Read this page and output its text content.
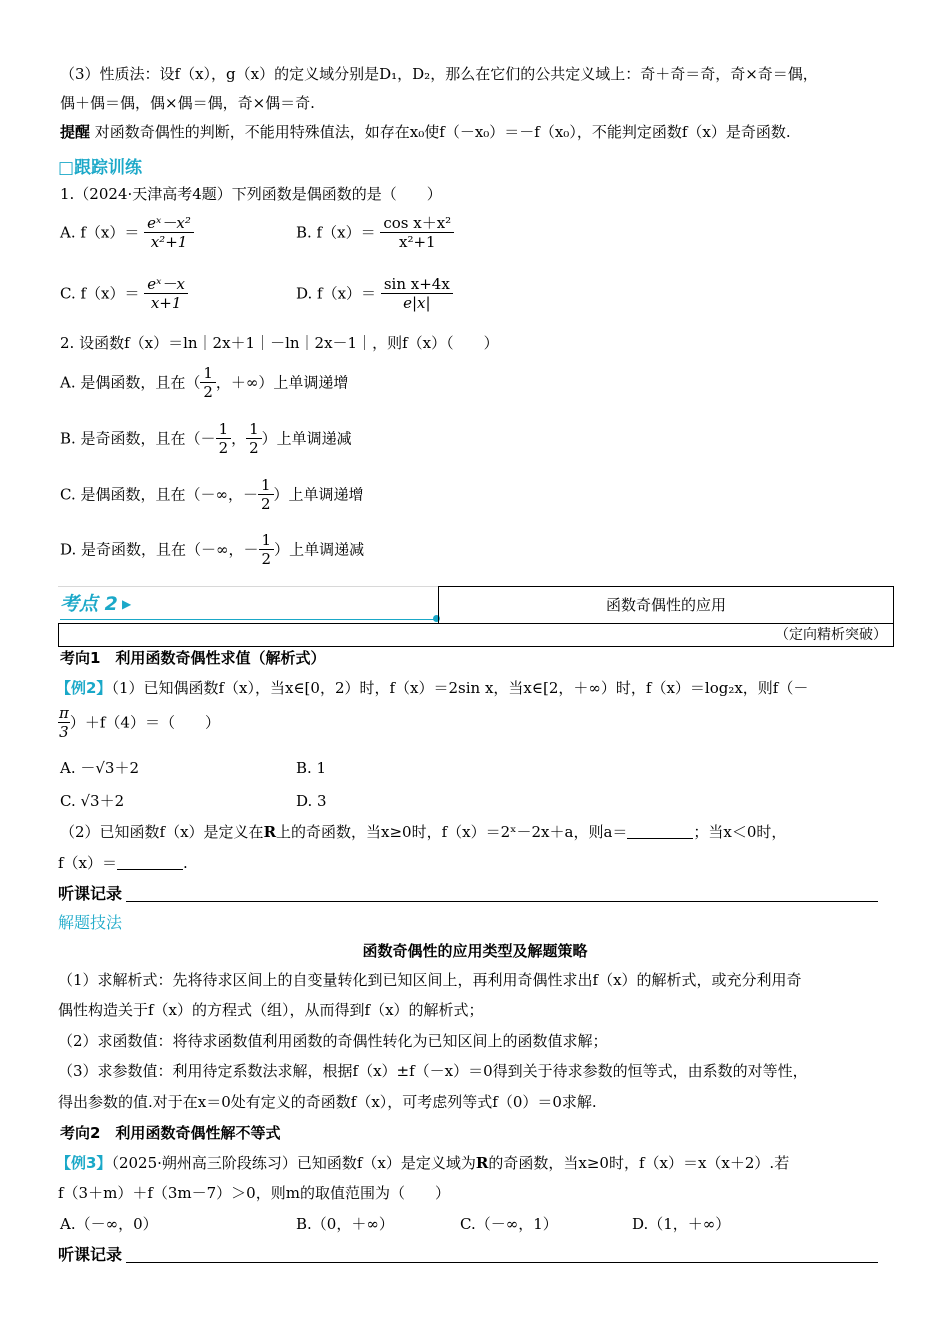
（3）性质法：设f（x），g（x）的定义域分别是D₁，D₂，那么在它们的公共定义域上：奇＋奇＝奇，奇×奇＝偶，
偶＋偶＝偶，偶×偶＝偶，奇×偶＝奇.
提醒 对函数奇偶性的判断，不能用特殊值法，如存在x₀使f（－x₀）＝－f（x₀），不能判定函数f（x）是奇函数.
□跟踪训练
1.（2024·天津高考4题）下列函数是偶函数的是（　　）
A. $f(x)= \frac{\text{eˣ－x²}}{\text{x²+1}}$	B. $f(x)= \frac{\text{cos x＋x²}}{\text{x²+1}}$
C. $f(x)= \frac{\text{eˣ－x}}{x+1}$	D. $f(x)= \frac{\text{sin x+4x}}{e|x|}$
2. 设函数f（x）＝ln｜2x＋1｜－ln｜2x－1｜，则f（x）（　　）
A. 是偶函数，且在（ $\frac{1}{2}$ ，＋∞）上单调递增
B. 是奇函数，且在（－ $\frac{1}{2}$ ， $\frac{1}{2}$ ）上单调递减
C. 是偶函数，且在（－∞，－ $\frac{1}{2}$ ）上单调递增
D. 是奇函数，且在（－∞，－ $\frac{1}{2}$ ）上单调递减
考点 2 ▶	函数奇偶性的应用
（定向精析突破）
考向1　利用函数奇偶性求值（解析式）
【例2】（1）已知偶函数f（x），当x∈[0，2）时，f（x）＝2sin x，当x∈[2，＋∞）时，f（x）＝log₂x，则f（－
$\frac{\pi}{3} )+f(4)=$（　　）
A. －√3＋2	B. 1
C. √3＋2	D. 3
（2）已知函数f（x）是定义在R上的奇函数，当x≥0时，f（x）＝2ˣ－2x＋a，则a＝	；当x＜0时，
f（x）＝	.
听课记录
解题技法
函数奇偶性的应用类型及解题策略
（1）求解析式：先将待求区间上的自变量转化到已知区间上，再利用奇偶性求出f（x）的解析式，或充分利用奇
偶性构造关于f（x）的方程式（组），从而得到f（x）的解析式；
（2）求函数值：将待求函数值利用函数的奇偶性转化为已知区间上的函数值求解；
（3）求参数值：利用待定系数法求解，根据f（x）±f（－x）＝0得到关于待求参数的恒等式，由系数的对等性，
得出参数的值.对于在x＝0处有定义的奇函数f（x），可考虑列等式f（0）＝0求解.
考向2　利用函数奇偶性解不等式
【例3】（2025·朔州高三阶段练习）已知函数f（x）是定义域为R的奇函数，当x≥0时，f（x）＝x（x＋2）.若
f（3＋m）＋f（3m－7）＞0，则m的取值范围为（　　）
A.（－∞，0）	B.（0，＋∞）	C.（－∞，1）	D.（1，＋∞）
听课记录
